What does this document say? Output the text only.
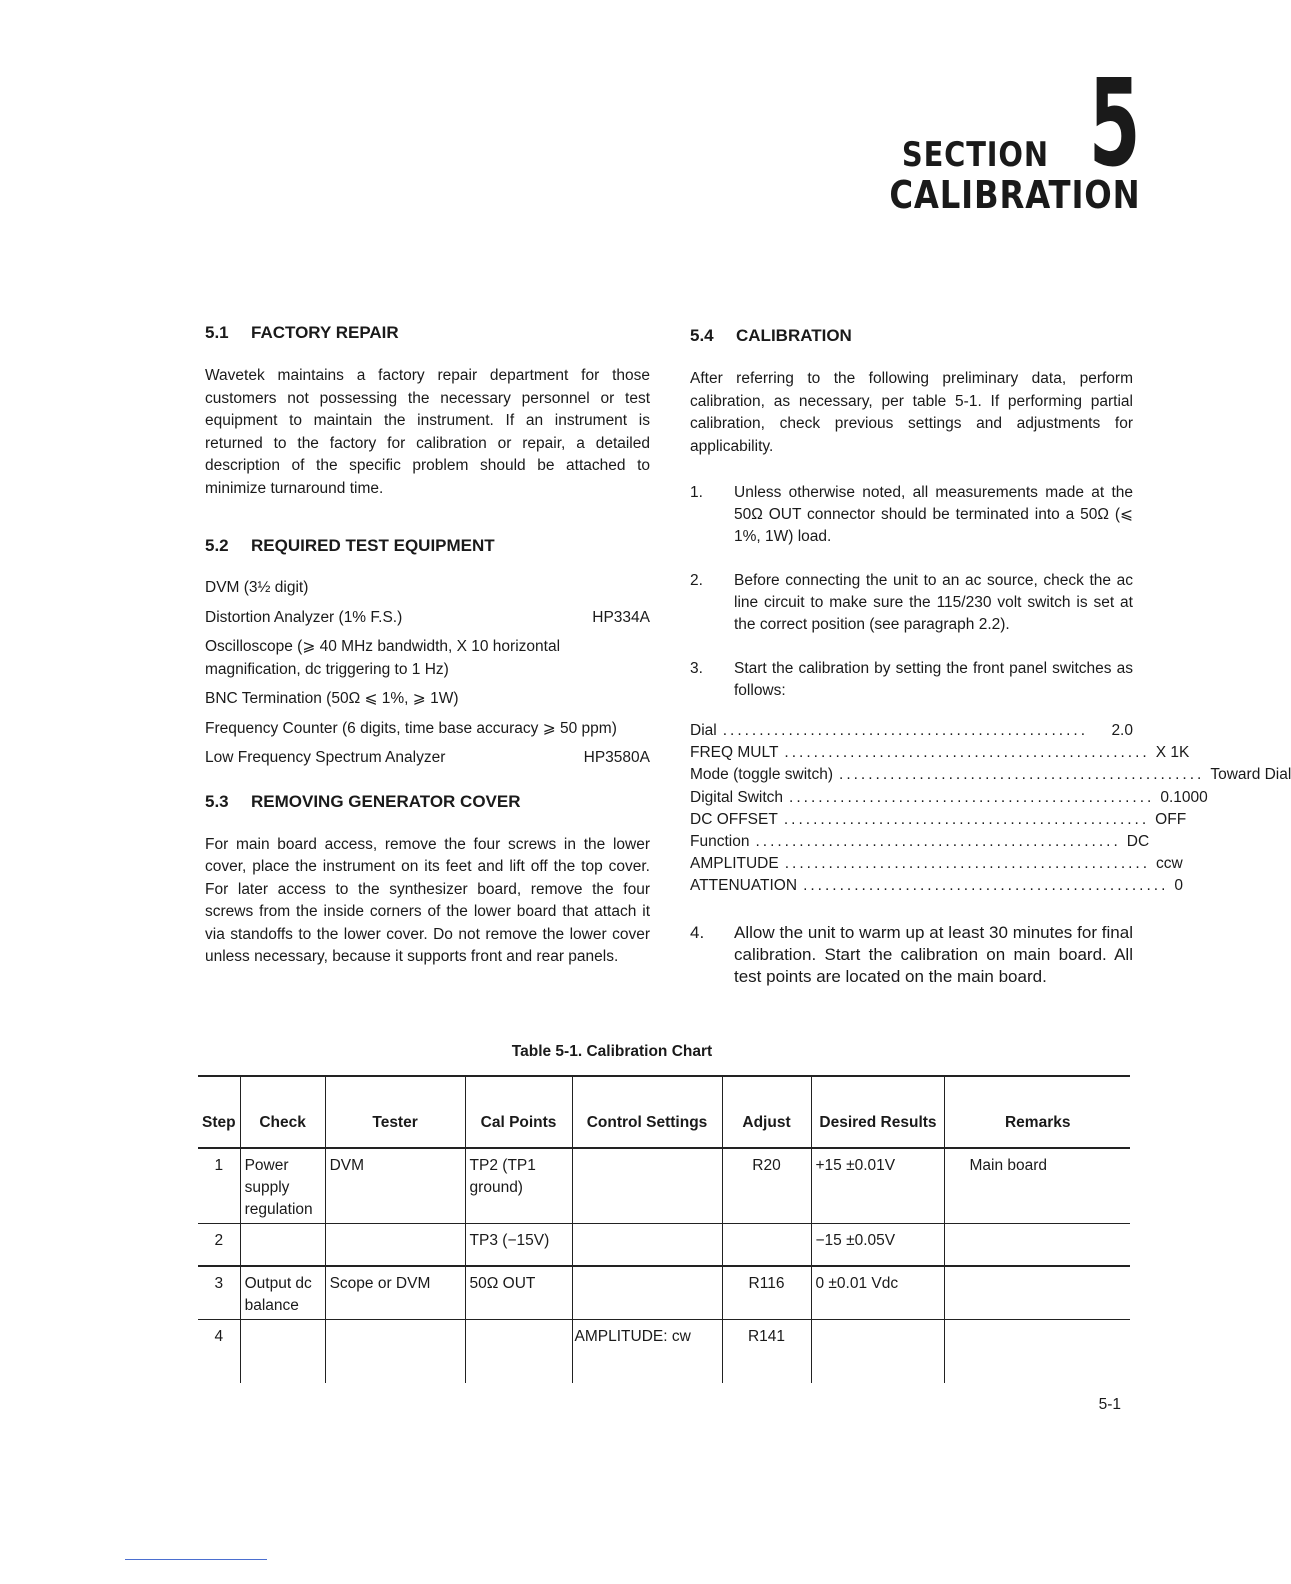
SECTION 5
CALIBRATION
5.1 FACTORY REPAIR

Wavetek maintains a factory repair department for those customers not possessing the necessary personnel or test equipment to maintain the instrument. If an instrument is returned to the factory for calibration or repair, a detailed description of the specific problem should be attached to minimize turnaround time.

5.2 REQUIRED TEST EQUIPMENT
DVM (3½ digit)
Distortion Analyzer (1% F.S.)	HP334A
Oscilloscope (⩾ 40 MHz bandwidth, X 10 horizontal magnification, dc triggering to 1 Hz)
BNC Termination (50Ω ⩽ 1%, ⩾ 1W)
Frequency Counter (6 digits, time base accuracy ⩾ 50 ppm)
Low Frequency Spectrum Analyzer	HP3580A
5.3 REMOVING GENERATOR COVER

For main board access, remove the four screws in the lower cover, place the instrument on its feet and lift off the top cover. For later access to the synthesizer board, remove the four screws from the inside corners of the lower board that attach it via standoffs to the lower cover. Do not remove the lower cover unless necessary, because it supports front and rear panels.

5.4 CALIBRATION

After referring to the following preliminary data, perform calibration, as necessary, per table 5-1. If performing partial calibration, check previous settings and adjustments for applicability.

1.	Unless otherwise noted, all measurements made at the 50Ω OUT connector should be terminated into a 50Ω (⩽ 1%, 1W) load.
2.	Before connecting the unit to an ac source, check the ac line circuit to make sure the 115/230 volt switch is set at the correct position (see paragraph 2.2).
3.	Start the calibration by setting the front panel switches as follows:
Dial ..................................................	2.0
FREQ MULT .................................................. X 1K
Mode (toggle switch) .................................................. Toward Dial
Digital Switch .................................................. 0.1000
DC OFFSET .................................................. OFF
Function .................................................. DC
AMPLITUDE .................................................. ccw
ATTENUATION .................................................. 0
4.	Allow the unit to warm up at least 30 minutes for final calibration. Start the calibration on main board. All test points are located on the main board.
Table 5-1. Calibration Chart
Step	Check	Tester	Cal Points	Control Settings	Adjust	Desired Results	Remarks
1	Power supply regulation	DVM	TP2 (TP1 ground)		R20	+15 ±0.01V	Main board
2			TP3 (−15V)			−15 ±0.05V	
3	Output dc balance	Scope or DVM	50Ω OUT		R116	0 ±0.01 Vdc	
4				AMPLITUDE: cw	R141		
5-1
